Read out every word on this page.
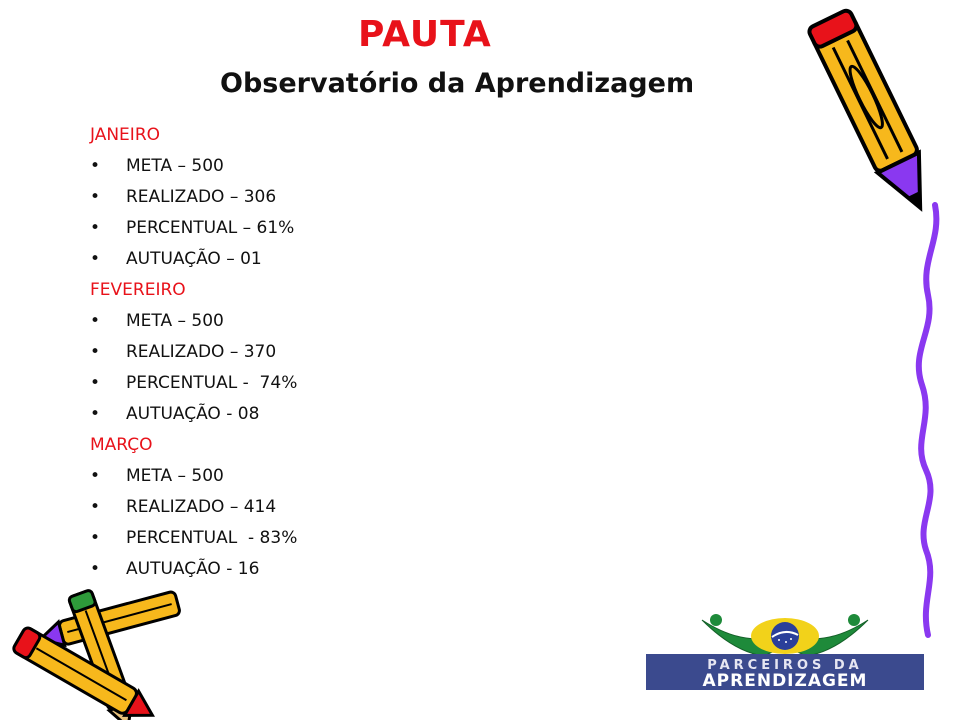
PAUTA
Observatório da Aprendizagem
JANEIRO
• META – 500
• REALIZADO – 306
• PERCENTUAL – 61%
• AUTUAÇÃO – 01
FEVEREIRO
• META – 500
• REALIZADO – 370
• PERCENTUAL -  74%
• AUTUAÇÃO - 08
MARÇO
• META – 500
• REALIZADO – 414
• PERCENTUAL  - 83%
• AUTUAÇÃO - 16
PARCEIROS DA
APRENDIZAGEM
